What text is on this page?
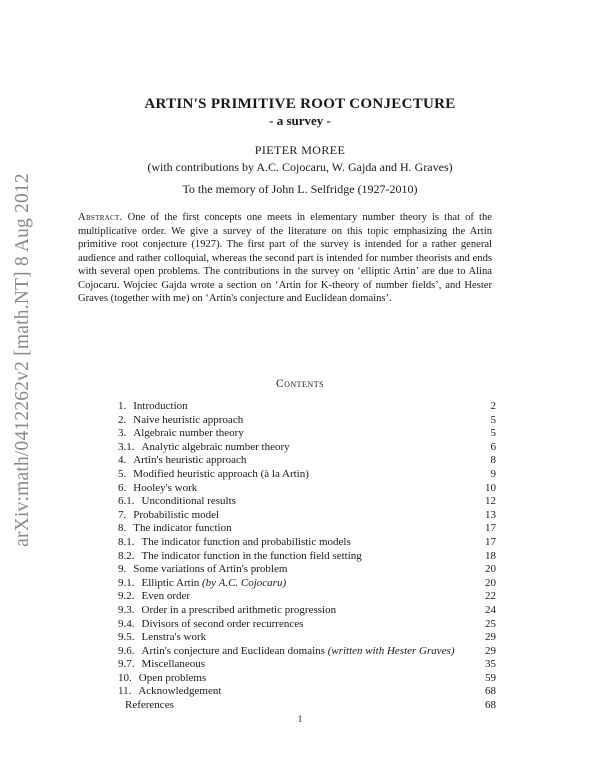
arXiv:math/0412262v2 [math.NT] 8 Aug 2012
ARTIN'S PRIMITIVE ROOT CONJECTURE
- a survey -
PIETER MOREE
(with contributions by A.C. Cojocaru, W. Gajda and H. Graves)
To the memory of John L. Selfridge (1927-2010)
Abstract. One of the first concepts one meets in elementary number theory is that of the multiplicative order. We give a survey of the literature on this topic emphasizing the Artin primitive root conjecture (1927). The first part of the survey is intended for a rather general audience and rather colloquial, whereas the second part is intended for number theorists and ends with several open problems. The contributions in the survey on ‘elliptic Artin’ are due to Alina Cojocaru. Wojciec Gajda wrote a section on ‘Artin for K-theory of number fields’, and Hester Graves (together with me) on ‘Artin's conjecture and Euclidean domains’.
Contents
1. Introduction	2
2. Naive heuristic approach	5
3. Algebraic number theory	5
3.1. Analytic algebraic number theory	6
4. Artin's heuristic approach	8
5. Modified heuristic approach (à la Artin)	9
6. Hooley's work	10
6.1. Unconditional results	12
7. Probabilistic model	13
8. The indicator function	17
8.1. The indicator function and probabilistic models	17
8.2. The indicator function in the function field setting	18
9. Some variations of Artin's problem	20
9.1. Elliptic Artin (by A.C. Cojocaru)	20
9.2. Even order	22
9.3. Order in a prescribed arithmetic progression	24
9.4. Divisors of second order recurrences	25
9.5. Lenstra's work	29
9.6. Artin's conjecture and Euclidean domains (written with Hester Graves)	29
9.7. Miscellaneous	35
10. Open problems	59
11. Acknowledgement	68
References	68
1
